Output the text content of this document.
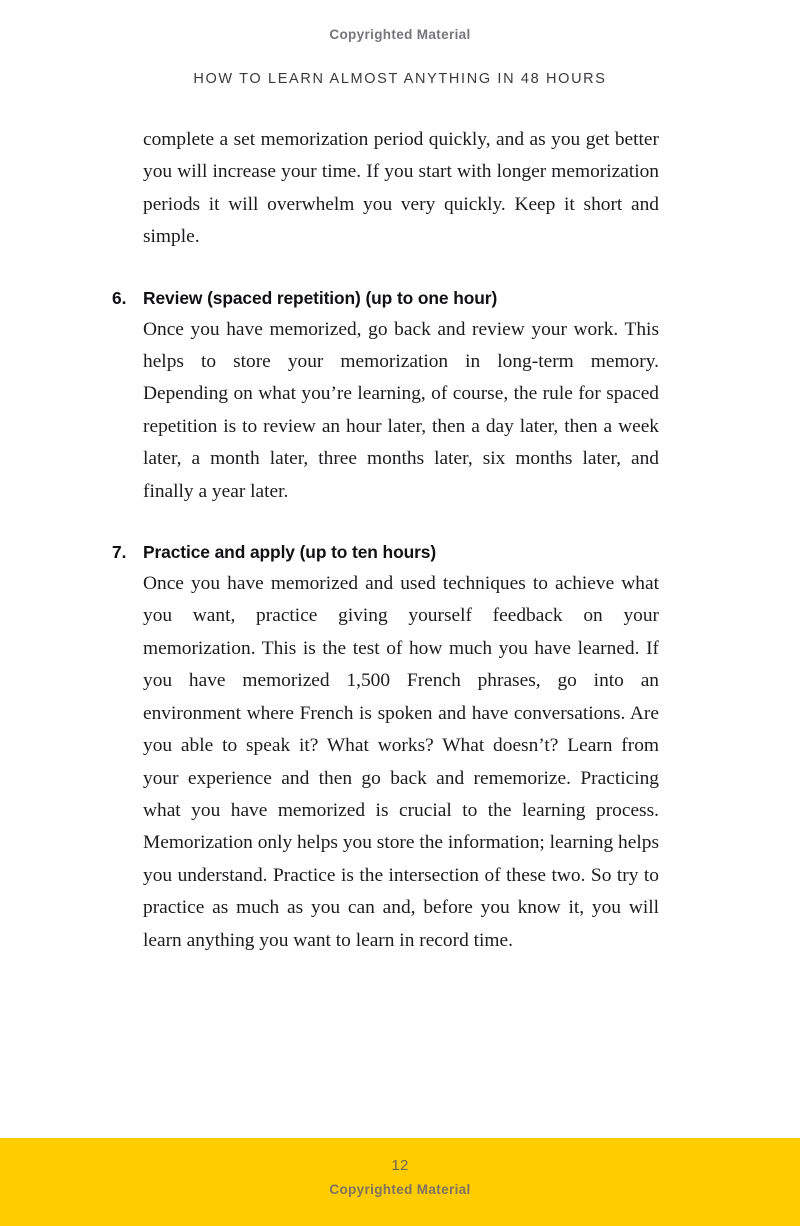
Copyrighted Material
HOW TO LEARN ALMOST ANYTHING IN 48 HOURS

complete a set memorization period quickly, and as you get better you will increase your time. If you start with longer memorization periods it will overwhelm you very quickly. Keep it short and simple.

6. Review (spaced repetition) (up to one hour)

Once you have memorized, go back and review your work. This helps to store your memorization in long-term memory. Depending on what you’re learning, of course, the rule for spaced repetition is to review an hour later, then a day later, then a week later, a month later, three months later, six months later, and finally a year later.

7. Practice and apply (up to ten hours)

Once you have memorized and used techniques to achieve what you want, practice giving yourself feedback on your memorization. This is the test of how much you have learned. If you have memorized 1,500 French phrases, go into an environment where French is spoken and have conversations. Are you able to speak it? What works? What doesn’t? Learn from your experience and then go back and rememorize. Practicing what you have memorized is crucial to the learning process. Memorization only helps you store the information; learning helps you understand. Practice is the intersection of these two. So try to practice as much as you can and, before you know it, you will learn anything you want to learn in record time.

12
Copyrighted Material
